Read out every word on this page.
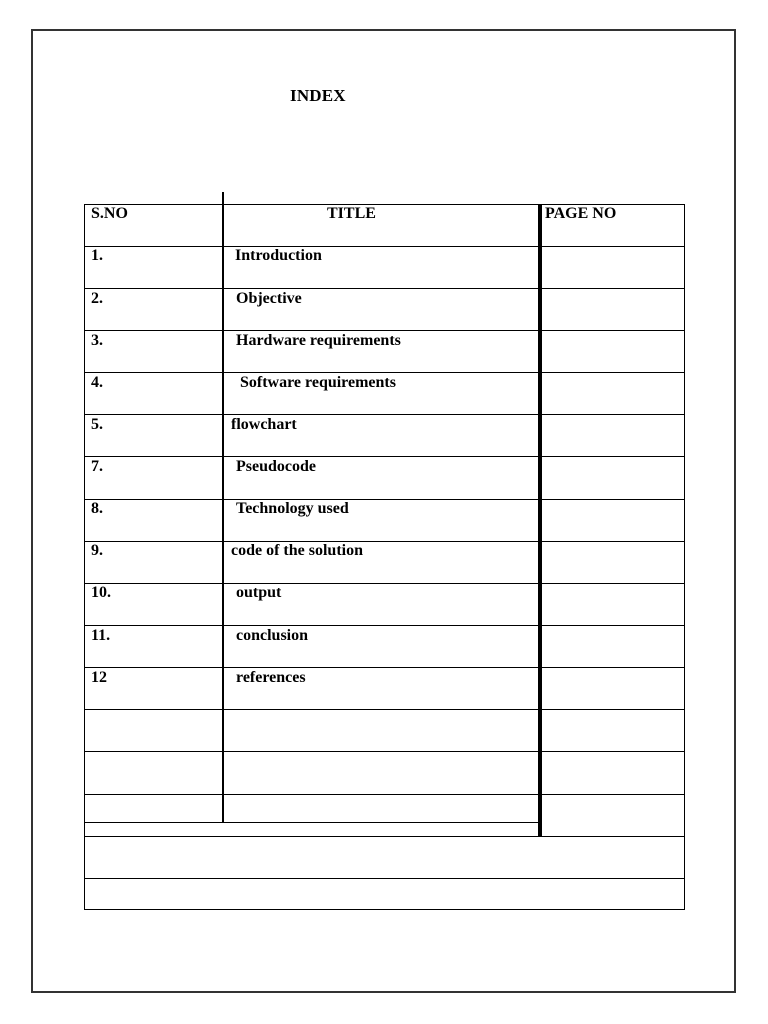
INDEX
S.NO	TITLE	PAGE NO
1.	Introduction
2.	Objective
3.	Hardware requirements
4.	Software requirements
5.	flowchart
7.	Pseudocode
8.	Technology used
9.	code of the solution
10.	output
11.	conclusion
12	references
